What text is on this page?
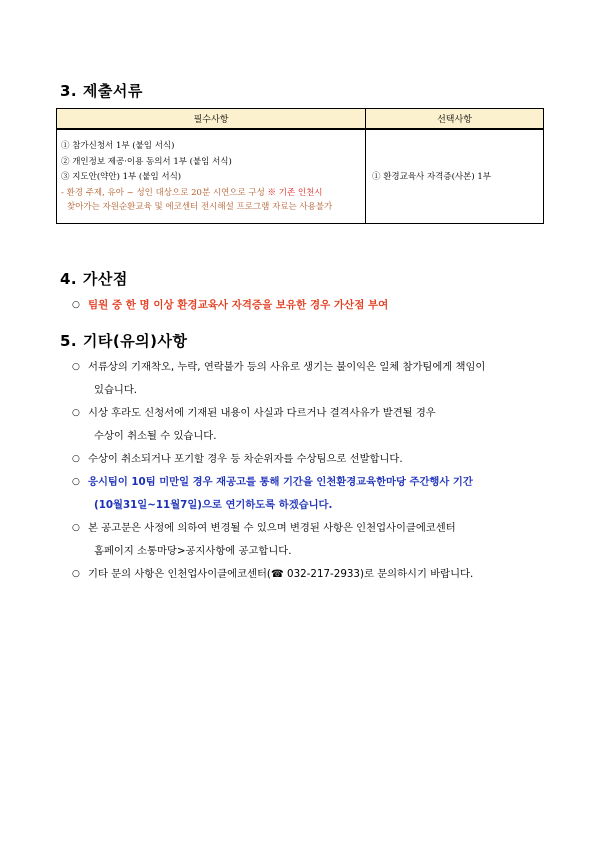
3. 제출서류
필수사항	선택사항

① 참가신청서 1부 (붙임 서식)
② 개인정보 제공·이용 동의서 1부 (붙임 서식)
③ 지도안(약안) 1부 (붙임 서식)
- 환경 주제, 유아 ~ 성인 대상으로 20분 시연으로 구성 ※ 기존 인천시
찾아가는 자원순환교육 및 에코센터 전시해설 프로그램 자료는 사용불가	① 환경교육사 자격증(사본) 1부
4. 가산점
○ 팀원 중 한 명 이상 환경교육사 자격증을 보유한 경우 가산점 부여
5. 기타(유의)사항
○ 서류상의 기재착오, 누락, 연락불가 등의 사유로 생기는 불이익은 일체 참가팀에게 책임이
있습니다.
○ 시상 후라도 신청서에 기재된 내용이 사실과 다르거나 결격사유가 발견될 경우
수상이 취소될 수 있습니다.
○ 수상이 취소되거나 포기할 경우 등 차순위자를 수상팀으로 선발합니다.
○ 응시팀이 10팀 미만일 경우 재공고를 통해 기간을 인천환경교육한마당 주간행사 기간
(10월31일~11월7일)으로 연기하도록 하겠습니다.
○ 본 공고문은 사정에 의하여 변경될 수 있으며 변경된 사항은 인천업사이클에코센터
홈페이지 소통마당>공지사항에 공고합니다.
○ 기타 문의 사항은 인천업사이클에코센터(☎ 032-217-2933)로 문의하시기 바랍니다.
